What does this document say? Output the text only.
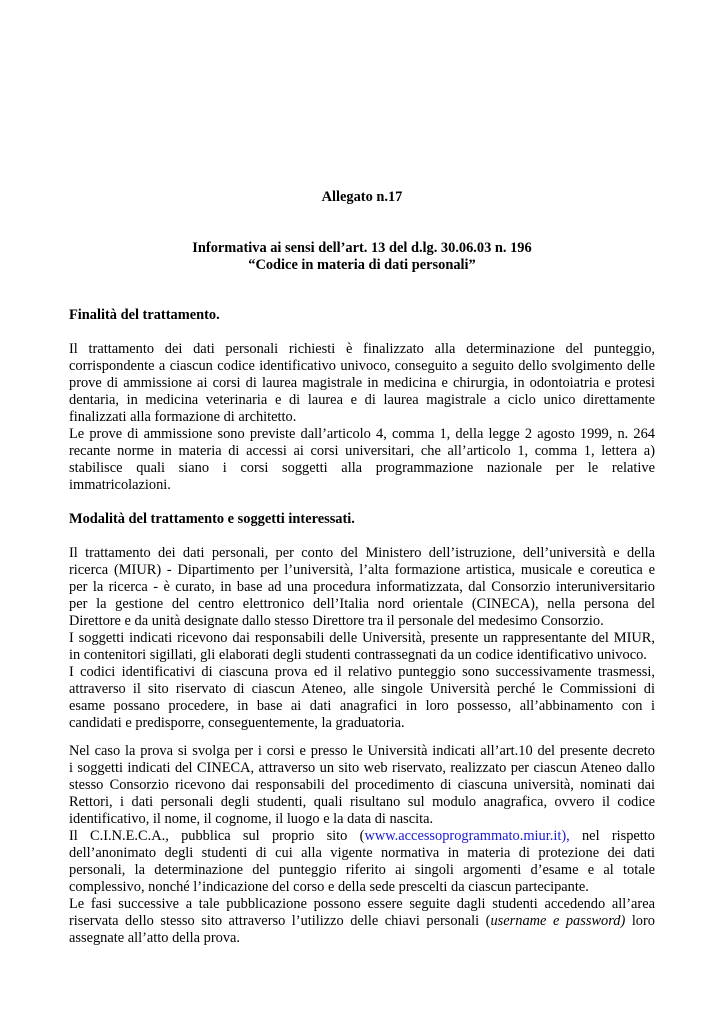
Allegato n.17
Informativa ai sensi dell’art. 13 del d.lg. 30.06.03 n. 196
“Codice in materia di dati personali”
Finalità del trattamento.
Il trattamento dei dati personali richiesti è finalizzato alla determinazione del punteggio,
corrispondente a ciascun codice identificativo univoco, conseguito a seguito dello svolgimento delle
prove di ammissione ai corsi di laurea magistrale in medicina e chirurgia, in odontoiatria e protesi
dentaria, in medicina veterinaria e di laurea e di laurea magistrale a ciclo unico direttamente
finalizzati alla formazione di architetto.
Le prove di ammissione sono previste dall’articolo 4, comma 1, della legge 2 agosto 1999, n. 264
recante norme in materia di accessi ai corsi universitari, che all’articolo 1, comma 1, lettera a)
stabilisce quali siano i corsi soggetti alla programmazione nazionale per le relative
immatricolazioni.
Modalità del trattamento e soggetti interessati.
Il trattamento dei dati personali, per conto del Ministero dell’istruzione, dell’università e della
ricerca (MIUR) - Dipartimento per l’università, l’alta formazione artistica, musicale e coreutica e
per la ricerca - è curato, in base ad una procedura informatizzata, dal Consorzio interuniversitario
per la gestione del centro elettronico dell’Italia nord orientale (CINECA), nella persona del
Direttore e da unità designate dallo stesso Direttore tra il personale del medesimo Consorzio.
I soggetti indicati ricevono dai responsabili delle Università, presente un rappresentante del MIUR,
in contenitori sigillati, gli elaborati degli studenti contrassegnati da un codice identificativo univoco.
I codici identificativi di ciascuna prova ed il relativo punteggio sono successivamente trasmessi,
attraverso il sito riservato di ciascun Ateneo, alle singole Università perché le Commissioni di
esame possano procedere, in base ai dati anagrafici in loro possesso, all’abbinamento con i
candidati e predisporre, conseguentemente, la graduatoria.
Nel caso la prova si svolga per i corsi e presso le Università indicati all’art.10 del presente decreto
i soggetti indicati del CINECA, attraverso un sito web riservato, realizzato per ciascun Ateneo dallo
stesso Consorzio ricevono dai responsabili del procedimento di ciascuna università, nominati dai
Rettori, i dati personali degli studenti, quali risultano sul modulo anagrafica, ovvero il codice
identificativo, il nome, il cognome, il luogo e la data di nascita.
Il C.I.N.E.C.A., pubblica sul proprio sito (www.accessoprogrammato.miur.it), nel rispetto
dell’anonimato degli studenti di cui alla vigente normativa in materia di protezione dei dati
personali, la determinazione del punteggio riferito ai singoli argomenti d’esame e al totale
complessivo, nonché l’indicazione del corso e della sede prescelti da ciascun partecipante.
Le fasi successive a tale pubblicazione possono essere seguite dagli studenti accedendo all’area
riservata dello stesso sito attraverso l’utilizzo delle chiavi personali (username e password) loro
assegnate all’atto della prova.
